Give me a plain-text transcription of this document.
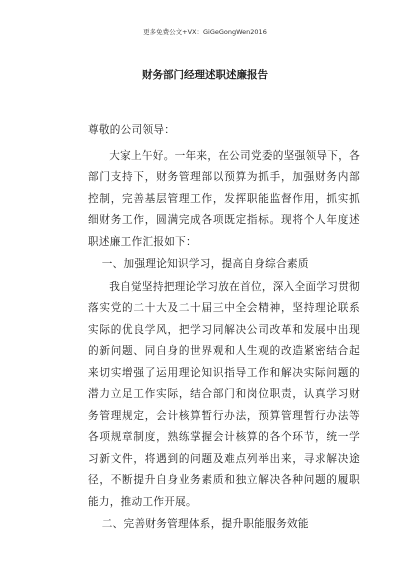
更多免费公文+VX：GiGeGongWen2016
财务部门经理述职述廉报告

尊敬的公司领导：

大家上午好。一年来，在公司党委的坚强领导下，各部门支持下，财务管理部以预算为抓手，加强财务内部控制，完善基层管理工作，发挥职能监督作用，抓实抓细财务工作，圆满完成各项既定指标。现将个人年度述职述廉工作汇报如下：

一、加强理论知识学习，提高自身综合素质

我自觉坚持把理论学习放在首位，深入全面学习贯彻落实党的二十大及二十届三中全会精神，坚持理论联系实际的优良学风，把学习同解决公司改革和发展中出现的新问题、同自身的世界观和人生观的改造紧密结合起来切实增强了运用理论知识指导工作和解决实际问题的潜力立足工作实际，结合部门和岗位职责，认真学习财务管理规定，会计核算暂行办法，预算管理暂行办法等各项规章制度，熟练掌握会计核算的各个环节，统一学习新文件，将遇到的问题及难点列举出来，寻求解决途径，不断提升自身业务素质和独立解决各种问题的履职能力，推动工作开展。

二、完善财务管理体系，提升职能服务效能
